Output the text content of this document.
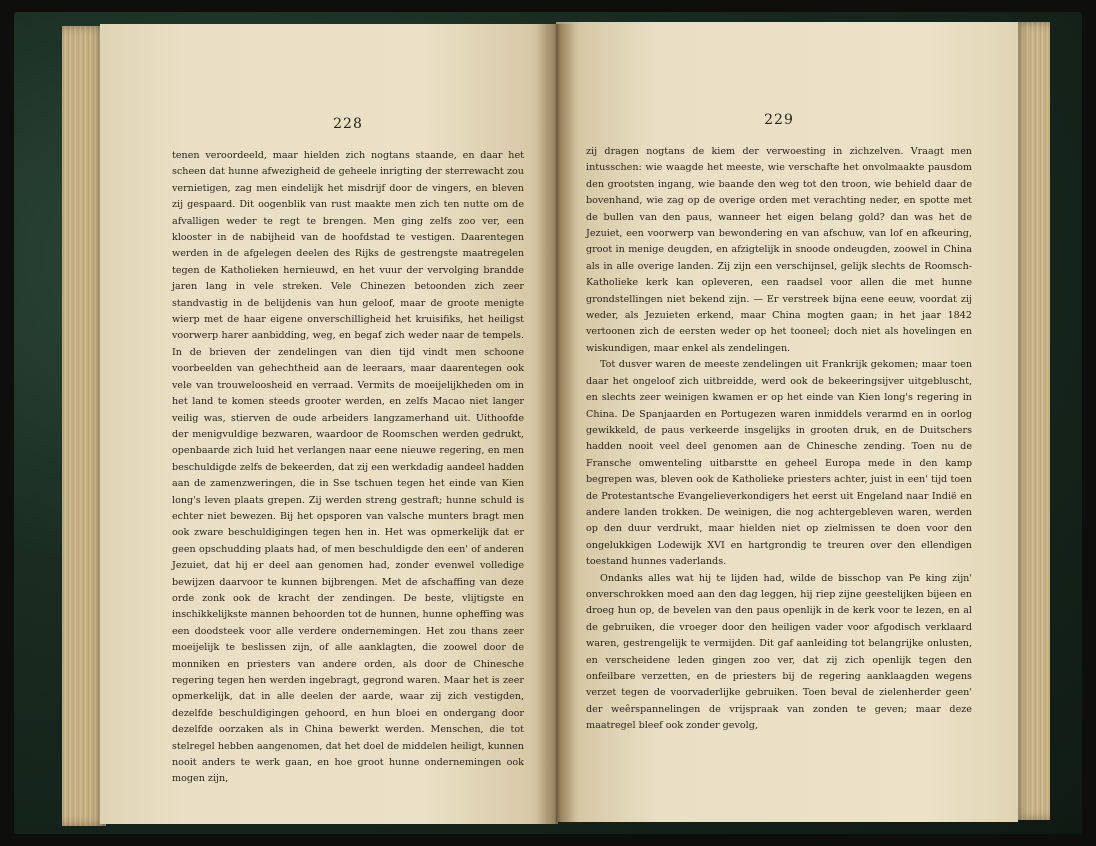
228

tenen veroordeeld, maar hielden zich nogtans staande, en daar het scheen dat hunne afwezigheid de geheele inrigting der sterrewacht zou vernietigen, zag men eindelijk het misdrijf door de vingers, en bleven zij gespaard. Dit oogenblik van rust maakte men zich ten nutte om de afvalligen weder te regt te brengen. Men ging zelfs zoo ver, een klooster in de nabijheid van de hoofdstad te vestigen. Daarentegen werden in de afgelegen deelen des Rijks de gestrengste maatregelen tegen de Katholieken hernieuwd, en het vuur der vervolging brandde jaren lang in vele streken. Vele Chinezen betoonden zich zeer standvastig in de belijdenis van hun geloof, maar de groote menigte wierp met de haar eigene onverschilligheid het kruisifiks, het heiligst voorwerp harer aanbidding, weg, en begaf zich weder naar de tempels. In de brieven der zendelingen van dien tijd vindt men schoone voorbeelden van gehechtheid aan de leeraars, maar daarentegen ook vele van trouweloosheid en verraad. Vermits de moeijelijkheden om in het land te komen steeds grooter werden, en zelfs Macao niet langer veilig was, stierven de oude arbeiders langzamerhand uit. Uithoofde der menigvuldige bezwaren, waardoor de Roomschen werden gedrukt, openbaarde zich luid het verlangen naar eene nieuwe regering, en men beschuldigde zelfs de bekeerden, dat zij een werkdadig aandeel hadden aan de zamenzweringen, die in Sse tschuen tegen het einde van Kien long's leven plaats grepen. Zij werden streng gestraft; hunne schuld is echter niet bewezen. Bij het opsporen van valsche munters bragt men ook zware beschuldigingen tegen hen in. Het was opmerkelijk dat er geen opschudding plaats had, of men beschuldigde den een' of anderen Jezuiet, dat hij er deel aan genomen had, zonder evenwel volledige bewijzen daarvoor te kunnen bijbrengen. Met de afschaffing van deze orde zonk ook de kracht der zendingen. De beste, vlijtigste en inschikkelijkste mannen behoorden tot de hunnen, hunne opheffing was een doodsteek voor alle verdere ondernemingen. Het zou thans zeer moeijelijk te beslissen zijn, of alle aanklagten, die zoowel door de monniken en priesters van andere orden, als door de Chinesche regering tegen hen werden ingebragt, gegrond waren. Maar het is zeer opmerkelijk, dat in alle deelen der aarde, waar zij zich vestigden, dezelfde beschuldigingen gehoord, en hun bloei en ondergang door dezelfde oorzaken als in China bewerkt werden. Menschen, die tot stelregel hebben aangenomen, dat het doel de middelen heiligt, kunnen nooit anders te werk gaan, en hoe groot hunne ondernemingen ook mogen zijn,

229

zij dragen nogtans de kiem der verwoesting in zichzelven. Vraagt men intusschen: wie waagde het meeste, wie verschafte het onvolmaakte pausdom den grootsten ingang, wie baande den weg tot den troon, wie behield daar de bovenhand, wie zag op de overige orden met verachting neder, en spotte met de bullen van den paus, wanneer het eigen belang gold? dan was het de Jezuiet, een voorwerp van bewondering en van afschuw, van lof en afkeuring, groot in menige deugden, en afzigtelijk in snoode ondeugden, zoowel in China als in alle overige landen. Zij zijn een verschijnsel, gelijk slechts de Roomsch-Katholieke kerk kan opleveren, een raadsel voor allen die met hunne grondstellingen niet bekend zijn. — Er verstreek bijna eene eeuw, voordat zij weder, als Jezuieten erkend, maar China mogten gaan; in het jaar 1842 vertoonen zich de eersten weder op het tooneel; doch niet als hovelingen en wiskundigen, maar enkel als zendelingen.

Tot dusver waren de meeste zendelingen uit Frankrijk gekomen; maar toen daar het ongeloof zich uitbreidde, werd ook de bekeeringsijver uitgebluscht, en slechts zeer weinigen kwamen er op het einde van Kien long's regering in China. De Spanjaarden en Portugezen waren inmiddels verarmd en in oorlog gewikkeld, de paus verkeerde insgelijks in grooten druk, en de Duitschers hadden nooit veel deel genomen aan de Chinesche zending. Toen nu de Fransche omwenteling uitbarstte en geheel Europa mede in den kamp begrepen was, bleven ook de Katholieke priesters achter, juist in een' tijd toen de Protestantsche Evangelieverkondigers het eerst uit Engeland naar Indië en andere landen trokken. De weinigen, die nog achtergebleven waren, werden op den duur verdrukt, maar hielden niet op zielmissen te doen voor den ongelukkigen Lodewijk XVI en hartgrondig te treuren over den ellendigen toestand hunnes vaderlands.

Ondanks alles wat hij te lijden had, wilde de bisschop van Pe king zijn' onverschrokken moed aan den dag leggen, hij riep zijne geestelijken bijeen en droeg hun op, de bevelen van den paus openlijk in de kerk voor te lezen, en al de gebruiken, die vroeger door den heiligen vader voor afgodisch verklaard waren, gestrengelijk te vermijden. Dit gaf aanleiding tot belangrijke onlusten, en verscheidene leden gingen zoo ver, dat zij zich openlijk tegen den onfeilbare verzetten, en de priesters bij de regering aanklaagden wegens verzet tegen de voorvaderlijke gebruiken. Toen beval de zielenherder geen' der weêrspannelingen de vrijspraak van zonden te geven; maar deze maatregel bleef ook zonder gevolg,
